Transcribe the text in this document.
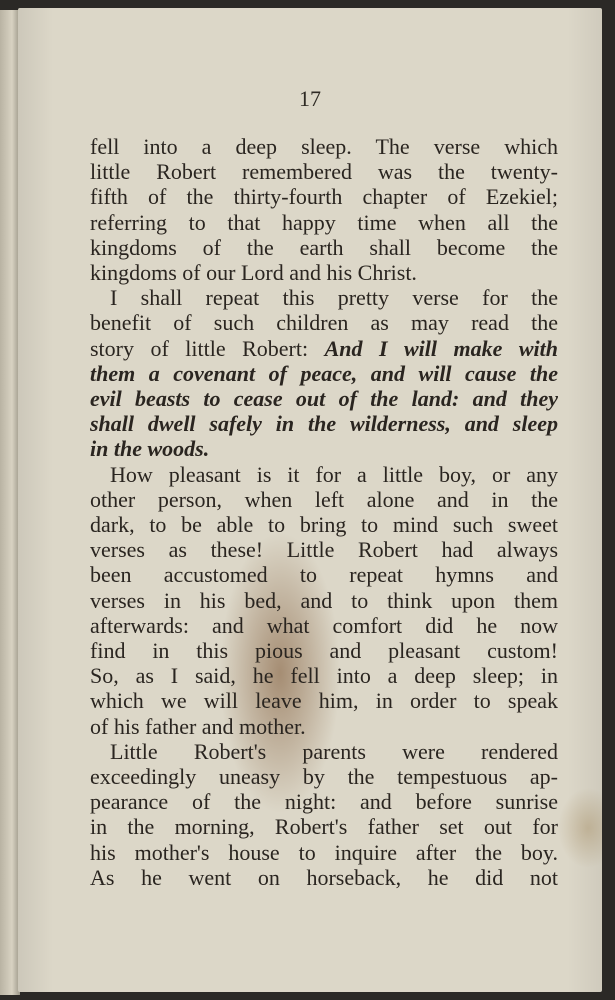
17
fell into a deep sleep. The verse which
little Robert remembered was the twenty-
fifth of the thirty-fourth chapter of Ezekiel;
referring to that happy time when all the
kingdoms of the earth shall become the
kingdoms of our Lord and his Christ.
I shall repeat this pretty verse for the
benefit of such children as may read the
story of little Robert: And I will make with
them a covenant of peace, and will cause the
evil beasts to cease out of the land: and they
shall dwell safely in the wilderness, and sleep
in the woods.
How pleasant is it for a little boy, or any
other person, when left alone and in the
dark, to be able to bring to mind such sweet
verses as these! Little Robert had always
been accustomed to repeat hymns and
verses in his bed, and to think upon them
afterwards: and what comfort did he now
find in this pious and pleasant custom!
So, as I said, he fell into a deep sleep; in
which we will leave him, in order to speak
of his father and mother.
Little Robert's parents were rendered
exceedingly uneasy by the tempestuous ap-
pearance of the night: and before sunrise
in the morning, Robert's father set out for
his mother's house to inquire after the boy.
As he went on horseback, he did not
